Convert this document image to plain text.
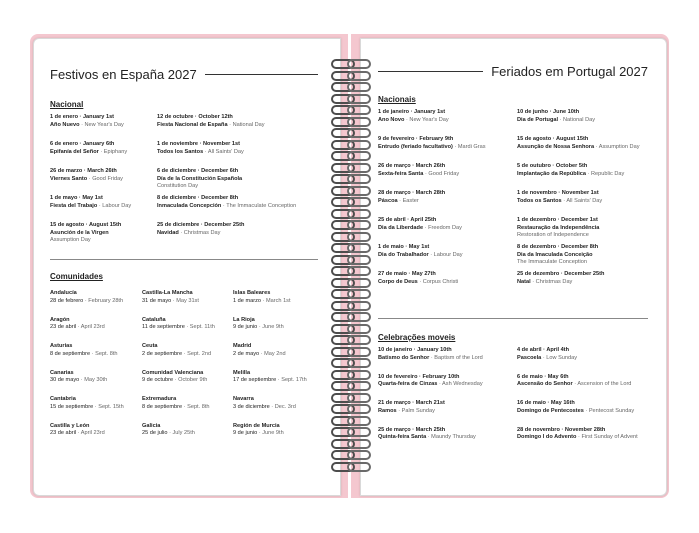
Festivos en España 2027
Nacional
1 de enero · January 1st
Año Nuevo · New Year's Day
6 de enero · January 6th
Epifanía del Señor · Epiphany
26 de marzo · March 26th
Viernes Santo · Good Friday
1 de mayo · May 1st
Fiesta del Trabajo · Labour Day
15 de agosto · August 15th
Asunción de la Virgen
Assumption Day
12 de octubre · October 12th
Fiesta Nacional de España · National Day
1 de noviembre · November 1st
Todos los Santos · All Saints' Day
6 de diciembre · December 6th
Día de la Constitución Española
Constitution Day
8 de diciembre · December 8th
Inmaculada Concepción · The Immaculate Conception
25 de diciembre · December 25th
Navidad · Christmas Day
Comunidades
Andalucía
28 de febrero · February 28th
Aragón
23 de abril · April 23rd
Asturias
8 de septiembre · Sept. 8th
Canarias
30 de mayo · May 30th
Cantabria
15 de septiembre · Sept. 15th
Castilla y León
23 de abril · April 23rd
Castilla-La Mancha
31 de mayo · May 31st
Cataluña
11 de septiembre · Sept. 11th
Ceuta
2 de septiembre · Sept. 2nd
Comunidad Valenciana
9 de octubre · October 9th
Extremadura
8 de septiembre · Sept. 8th
Galicia
25 de julio · July 25th
Islas Baleares
1 de marzo · March 1st
La Rioja
9 de junio · June 9th
Madrid
2 de mayo · May 2nd
Melilla
17 de septiembre · Sept. 17th
Navarra
3 de diciembre · Dec. 3rd
Región de Murcia
9 de junio · June 9th
Feriados em Portugal 2027
Nacionais
1 de janeiro · January 1st
Ano Novo · New Year's Day
9 de fevereiro · February 9th
Entrudo (feriado facultativo) · Mardi Gras
26 de março · March 26th
Sexta-feira Santa · Good Friday
28 de março · March 28th
Páscoa · Easter
25 de abril · April 25th
Dia da Liberdade · Freedom Day
1 de maio · May 1st
Dia do Trabalhador · Labour Day
27 de maio · May 27th
Corpo de Deus · Corpus Christi
10 de junho · June 10th
Dia de Portugal · National Day
15 de agosto · August 15th
Assunção de Nossa Senhora · Assumption Day
5 de outubro · October 5th
Implantação da República · Republic Day
1 de novembro · November 1st
Todos os Santos · All Saints' Day
1 de dezembro · December 1st
Restauração da Independência
Restoration of Independence
8 de dezembro · December 8th
Dia da Imaculada Conceição
The Immaculate Conception
25 de dezembro · December 25th
Natal · Christmas Day
Celebrações moveis
10 de janeiro · January 10th
Batismo do Senhor · Baptism of the Lord
10 de fevereiro · February 10th
Quarta-feira de Cinzas · Ash Wednesday
21 de março · March 21st
Ramos · Palm Sunday
25 de março · March 25th
Quinta-feira Santa · Maundy Thursday
4 de abril · April 4th
Pascoela · Low Sunday
6 de maio · May 6th
Ascensão do Senhor · Ascension of the Lord
16 de maio · May 16th
Domingo de Pentecostes · Pentecost Sunday
28 de novembro · November 28th
Domingo I do Advento · First Sunday of Advent
